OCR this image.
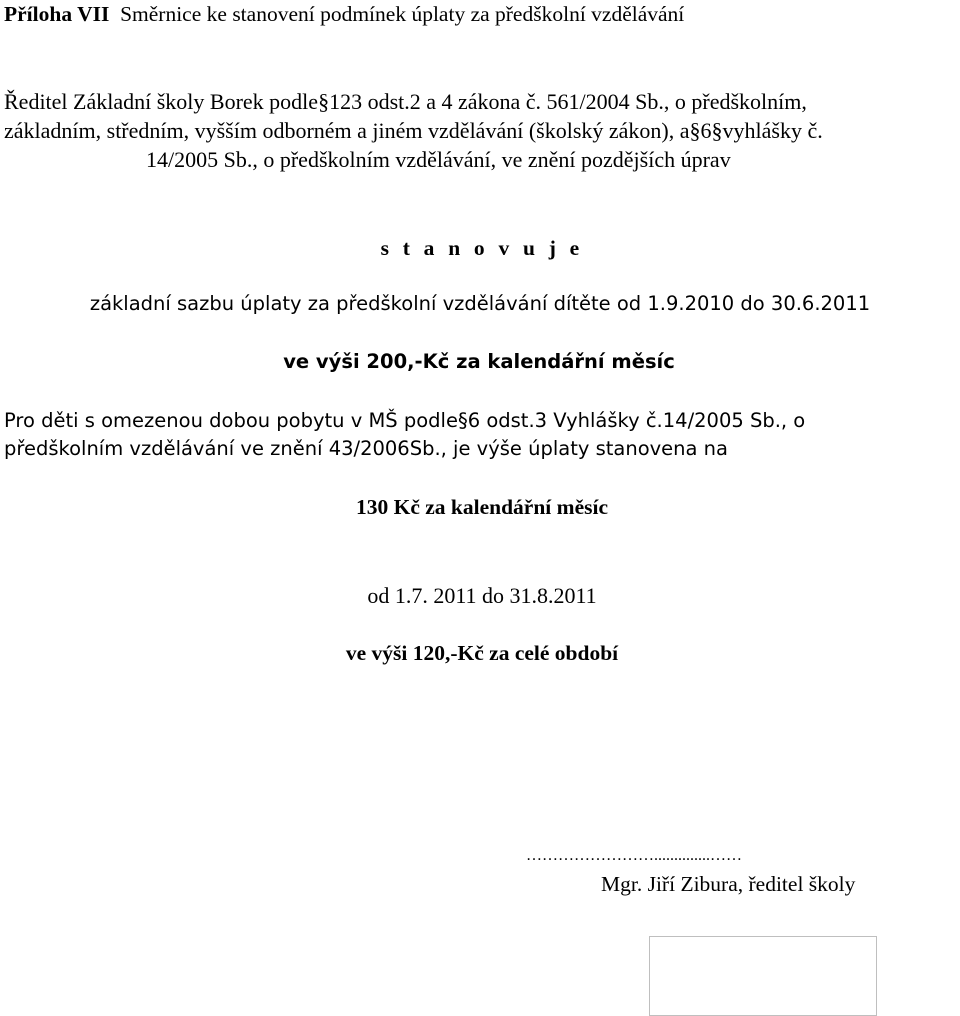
Příloha VII Směrnice ke stanovení podmínek úplaty za předškolní vzdělávání
Ředitel Základní školy Borek podle§123 odst.2 a 4 zákona č. 561/2004 Sb., o předškolním,
základním, středním, vyšším odborném a jiném vzdělávání (školský zákon), a§6§vyhlášky č.
14/2005 Sb., o předškolním vzdělávání, ve znění pozdějších úprav
s t a n o v u j e
základní sazbu úplaty za předškolní vzdělávání dítěte od 1.9.2010 do 30.6.2011
ve výši 200,-Kč za kalendářní měsíc
Pro děti s omezenou dobou pobytu v MŠ podle§6 odst.3 Vyhlášky č.14/2005 Sb., o
předškolním vzdělávání ve znění 43/2006Sb., je výše úplaty stanovena na
130 Kč za kalendářní měsíc
od 1.7. 2011 do 31.8.2011
ve výši 120,-Kč za celé období
……………………..............……
Mgr. Jiří Zibura, ředitel školy
